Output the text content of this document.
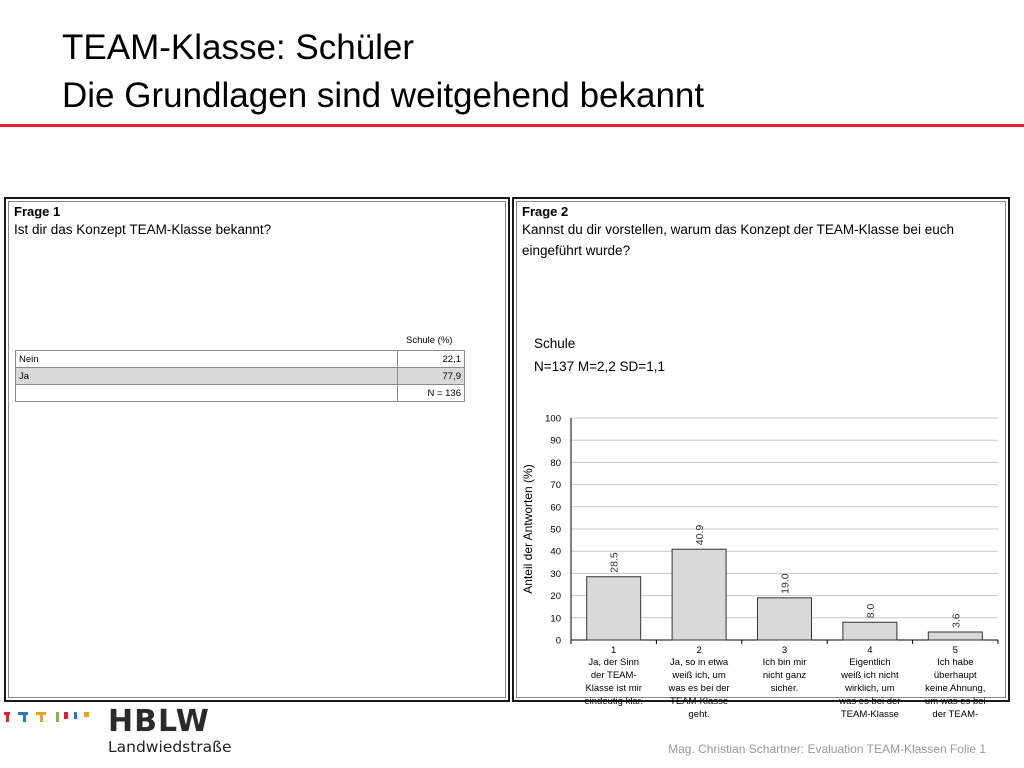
TEAM-Klasse: Schüler
Die Grundlagen sind weitgehend bekannt
Frage 1
Ist dir das Konzept TEAM-Klasse bekannt?
Schule (%)
Nein	22,1
Ja	77,9
	N = 136
Frage 2
Kannst du dir vorstellen, warum das Konzept der TEAM-Klasse bei euch
eingeführt wurde?
Schule
N=137 M=2,2 SD=1,1
0
10
20
30
40
50
60
70
80
90
100
Anteil der Antworten (%)	28.5
1
Ja, der Sinn
der TEAM-
Klasse ist mir
eindeutig klar.
40.9
2
Ja, so in etwa
weiß ich, um
was es bei der
TEAM-Klasse
geht.
19.0
3
Ich bin mir
nicht ganz
sicher.
8.0
4
Eigentlich
weiß ich nicht
wirklich, um
was es bei der
TEAM-Klasse
3.6
5
Ich habe
überhaupt
keine Ahnung,
um was es bei
der TEAM-
HBLW
Landwiedstraße	Mag. Christian Schartner: Evaluation TEAM-Klassen Folie 1
